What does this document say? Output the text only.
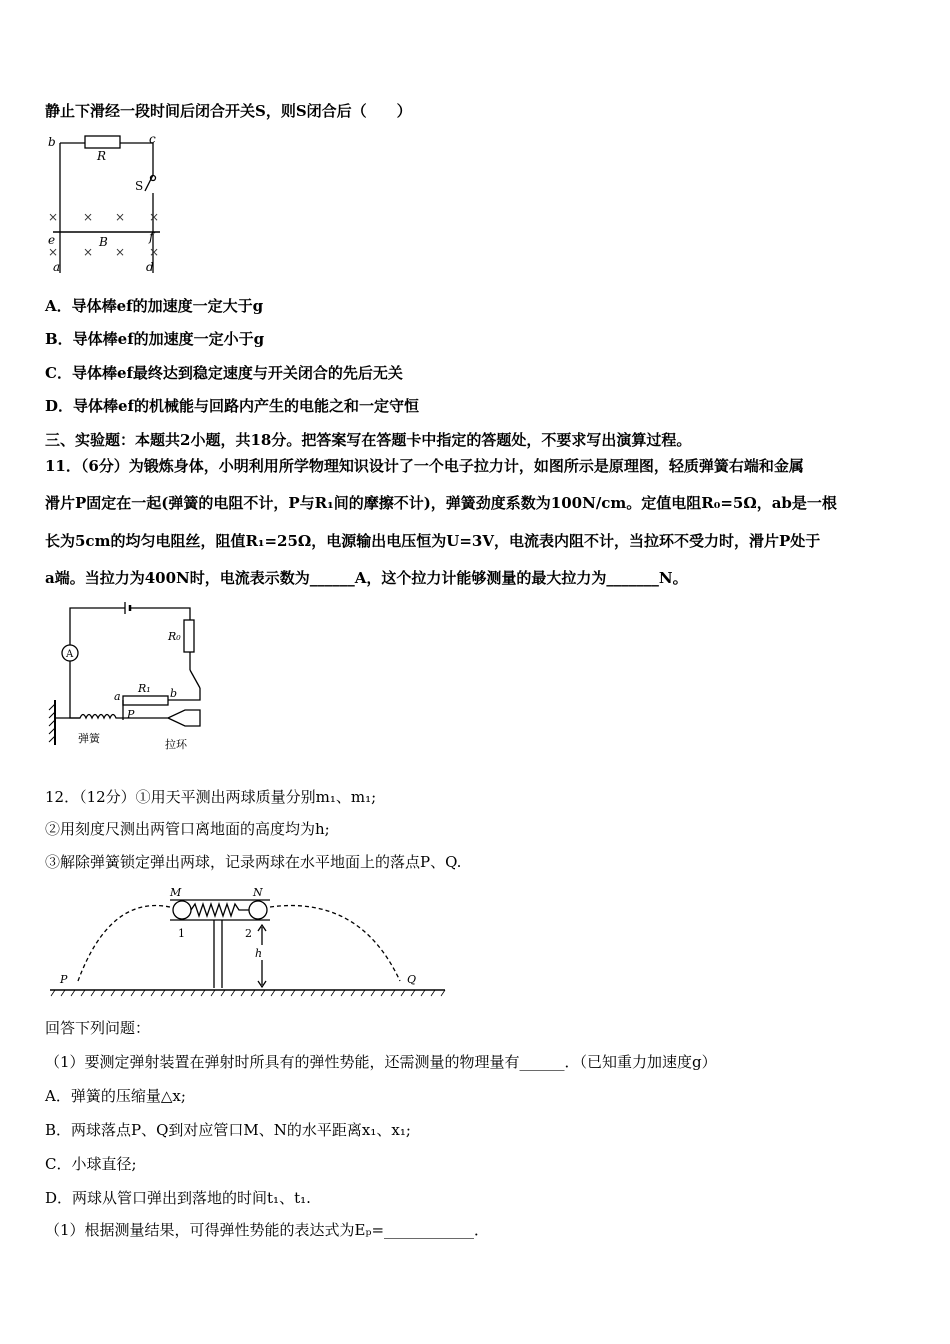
静止下滑经一段时间后闭合开关S，则S闭合后（　　）
b	c
R
S
e	f
B
a	d
× × × ×
× × × ×
A．导体棒ef的加速度一定大于g
B．导体棒ef的加速度一定小于g
C．导体棒ef最终达到稳定速度与开关闭合的先后无关
D．导体棒ef的机械能与回路内产生的电能之和一定守恒
三、实验题：本题共2小题，共18分。把答案写在答题卡中指定的答题处，不要求写出演算过程。
11．（6分）为锻炼身体，小明利用所学物理知识设计了一个电子拉力计，如图所示是原理图，轻质弹簧右端和金属
滑片P固定在一起(弹簧的电阻不计，P与R₁间的摩擦不计)，弹簧劲度系数为100N/cm。定值电阻R₀=5Ω，ab是一根
长为5cm的均匀电阻丝，阻值R₁=25Ω，电源输出电压恒为U=3V，电流表内阻不计，当拉环不受力时，滑片P处于
a端。当拉力为400N时，电流表示数为______A，这个拉力计能够测量的最大拉力为_______N。
A
R₀
R₁
a	b
P
弹簧	拉环
12．（12分）①用天平测出两球质量分别m₁、m₁;
②用刻度尺测出两管口离地面的高度均为h;
③解除弹簧锁定弹出两球，记录两球在水平地面上的落点P、Q.
M	N
1	2
h
P	Q
回答下列问题：
（1）要测定弹射装置在弹射时所具有的弹性势能，还需测量的物理量有______．（已知重力加速度g）
A．弹簧的压缩量△x;
B．两球落点P、Q到对应管口M、N的水平距离x₁、x₁;
C．小球直径;
D．两球从管口弹出到落地的时间t₁、t₁.
（1）根据测量结果，可得弹性势能的表达式为Eₚ=____________．
